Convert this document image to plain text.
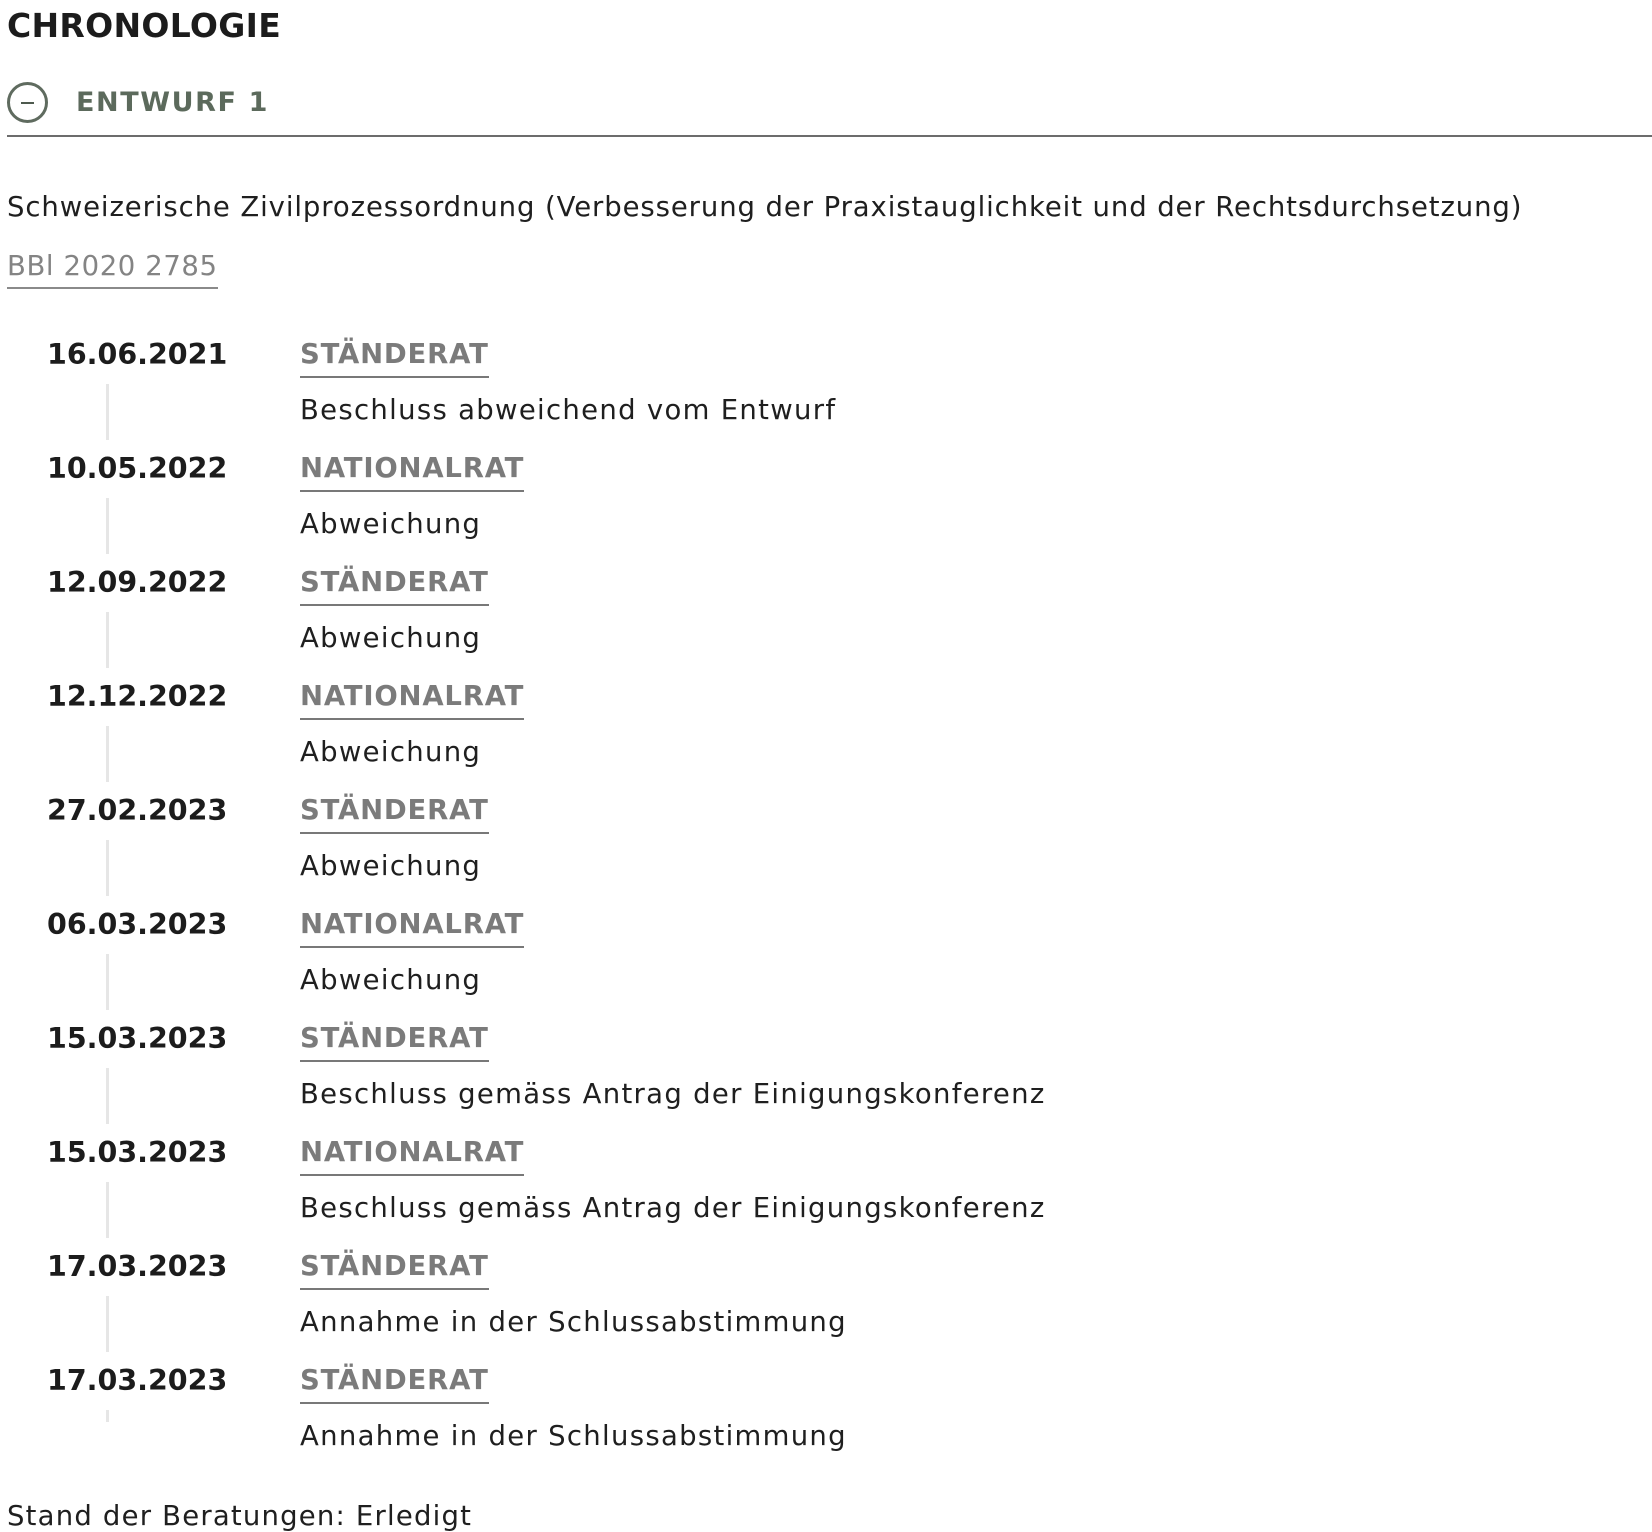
CHRONOLOGIE
ENTWURF 1

Schweizerische Zivilprozessordnung (Verbesserung der Praxistauglichkeit und der Rechtsdurchsetzung)

BBl 2020 2785
16.06.2021	STÄNDERAT
Beschluss abweichend vom Entwurf
10.05.2022	NATIONALRAT
Abweichung
12.09.2022	STÄNDERAT
Abweichung
12.12.2022	NATIONALRAT
Abweichung
27.02.2023	STÄNDERAT
Abweichung
06.03.2023	NATIONALRAT
Abweichung
15.03.2023	STÄNDERAT
Beschluss gemäss Antrag der Einigungskonferenz
15.03.2023	NATIONALRAT
Beschluss gemäss Antrag der Einigungskonferenz
17.03.2023	STÄNDERAT
Annahme in der Schlussabstimmung
17.03.2023	STÄNDERAT
Annahme in der Schlussabstimmung

Stand der Beratungen: Erledigt
